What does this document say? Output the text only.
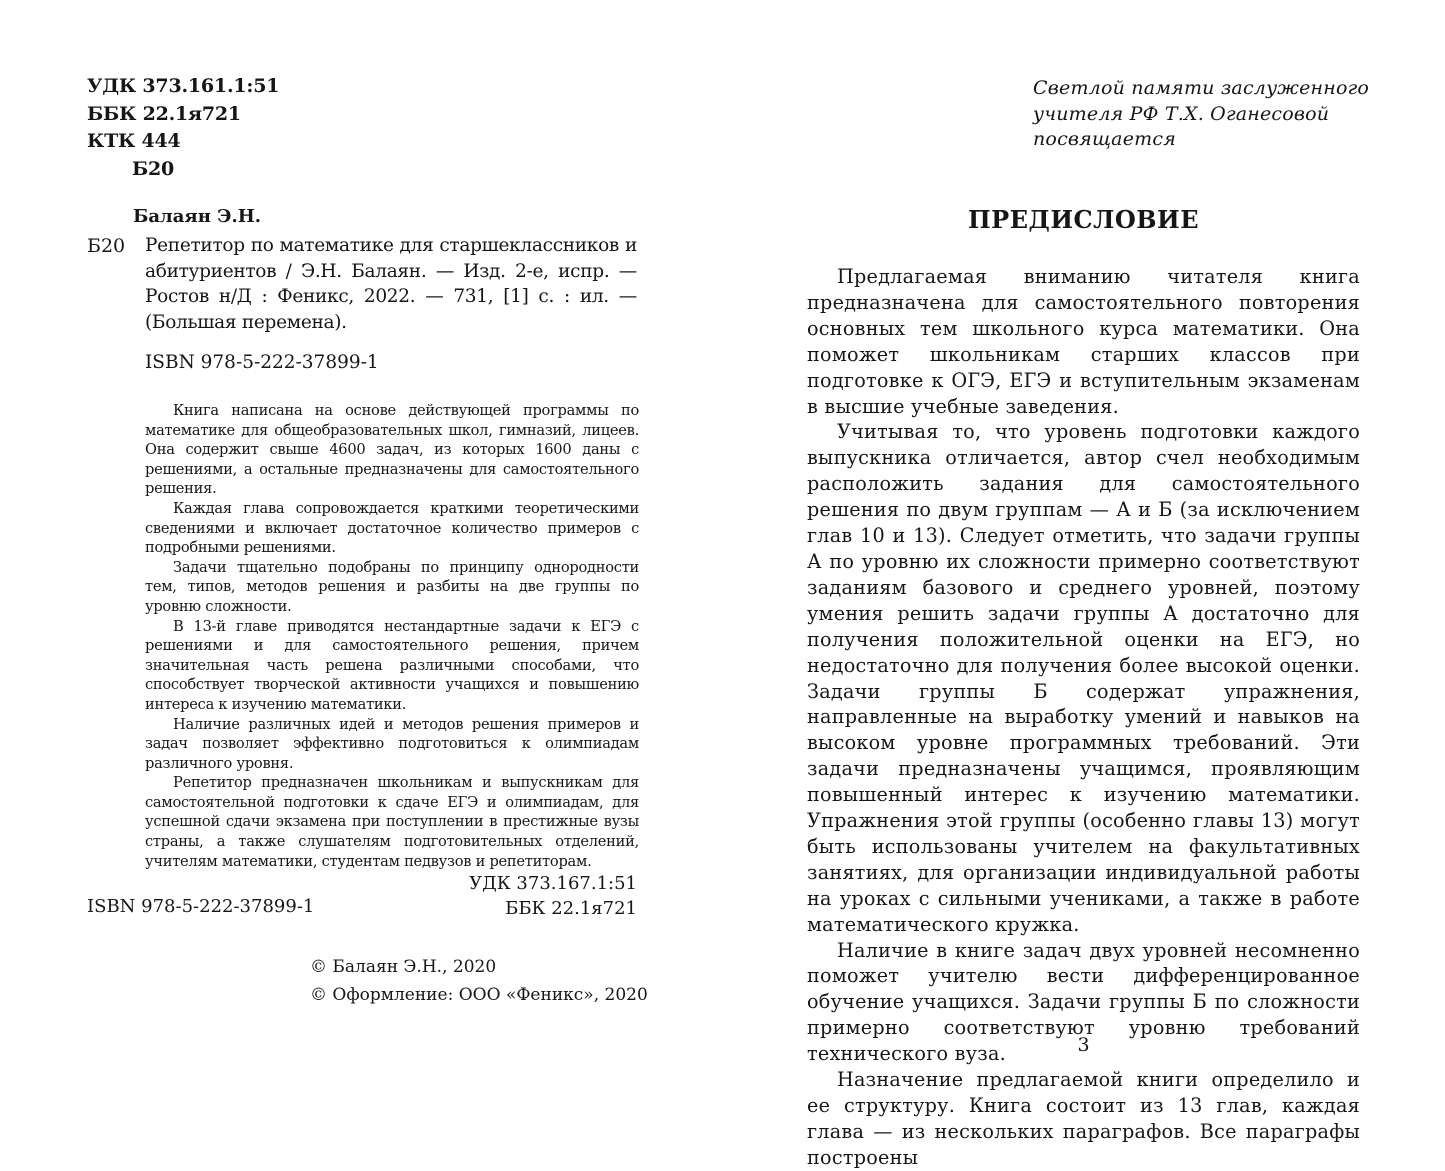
УДК 373.161.1:51
ББК 22.1я721
КТК 444
Б20
Балаян Э.Н.
Б20 Репетитор по математике для старшеклассников и абитуриентов / Э.Н. Балаян. — Изд. 2-е, испр. — Ростов н/Д : Феникс, 2022. — 731, [1] с. : ил. — (Большая перемена).
ISBN 978-5-222-37899-1

Книга написана на основе действующей программы по математике для общеобразовательных школ, гимназий, лицеев. Она содержит свыше 4600 задач, из которых 1600 даны с решениями, а остальные предназначены для самостоятельного решения.

Каждая глава сопровождается краткими теоретическими сведениями и включает достаточное количество примеров с подробными решениями.

Задачи тщательно подобраны по принципу однородности тем, типов, методов решения и разбиты на две группы по уровню сложности.

В 13-й главе приводятся нестандартные задачи к ЕГЭ с решениями и для самостоятельного решения, причем значительная часть решена различными способами, что способствует творческой активности учащихся и повышению интереса к изучению математики.

Наличие различных идей и методов решения примеров и задач позволяет эффективно подготовиться к олимпиадам различного уровня.

Репетитор предназначен школьникам и выпускникам для самостоятельной подготовки к сдаче ЕГЭ и олимпиадам, для успешной сдачи экзамена при поступлении в престижные вузы страны, а также слушателям подготовительных отделений, учителям математики, студентам педвузов и репетиторам.

УДК 373.167.1:51
ББК 22.1я721
ISBN 978-5-222-37899-1
© Балаян Э.Н., 2020
© Оформление: ООО «Феникс», 2020
Светлой памяти заслуженного
учителя РФ Т.Х. Оганесовой
посвящается
ПРЕДИСЛОВИЕ

Предлагаемая вниманию читателя книга предназначена для самостоятельного повторения основных тем школьного курса математики. Она поможет школьникам старших классов при подготовке к ОГЭ, ЕГЭ и вступительным экзаменам в высшие учебные заведения.

Учитывая то, что уровень подготовки каждого выпускника отличается, автор счел необходимым расположить задания для самостоятельного решения по двум группам — А и Б (за исключением глав 10 и 13). Следует отметить, что задачи группы А по уровню их сложности примерно соответствуют заданиям базового и среднего уровней, поэтому умения решить задачи группы А достаточно для получения положительной оценки на ЕГЭ, но недостаточно для получения более высокой оценки. Задачи группы Б содержат упражнения, направленные на выработку умений и навыков на высоком уровне программных требований. Эти задачи предназначены учащимся, проявляющим повышенный интерес к изучению математики. Упражнения этой группы (особенно главы 13) могут быть использованы учителем на факультативных занятиях, для организации индивидуальной работы на уроках с сильными учениками, а также в работе математического кружка.

Наличие в книге задач двух уровней несомненно поможет учителю вести дифференцированное обучение учащихся. Задачи группы Б по сложности примерно соответствуют уровню требований технического вуза.

Назначение предлагаемой книги определило и ее структуру. Книга состоит из 13 глав, каждая глава — из нескольких параграфов. Все параграфы построены

3
